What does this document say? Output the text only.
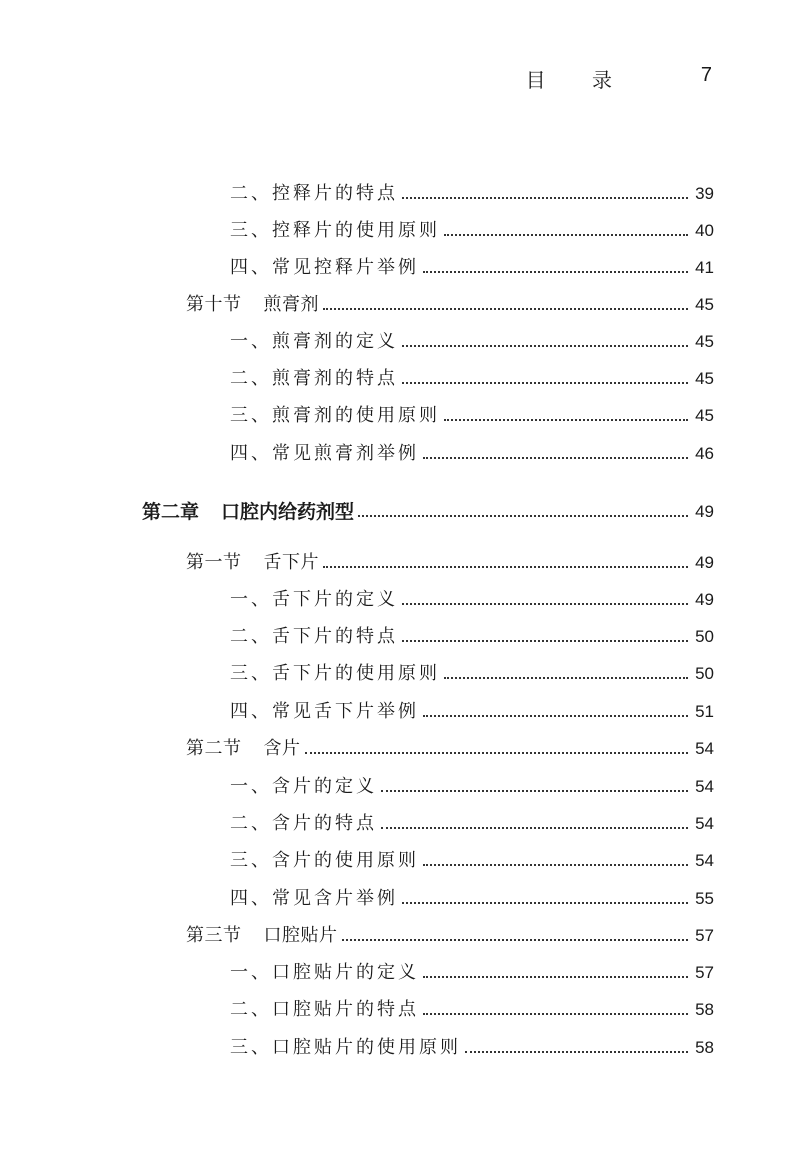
目 录	7
二、控释片的特点	39
三、控释片的使用原则	40
四、常见控释片举例	41
第十节 煎膏剂	45
一、煎膏剂的定义	45
二、煎膏剂的特点	45
三、煎膏剂的使用原则	45
四、常见煎膏剂举例	46
第二章 口腔内给药剂型	49
第一节 舌下片	49
一、舌下片的定义	49
二、舌下片的特点	50
三、舌下片的使用原则	50
四、常见舌下片举例	51
第二节 含片	54
一、含片的定义	54
二、含片的特点	54
三、含片的使用原则	54
四、常见含片举例	55
第三节 口腔贴片	57
一、口腔贴片的定义	57
二、口腔贴片的特点	58
三、口腔贴片的使用原则	58
